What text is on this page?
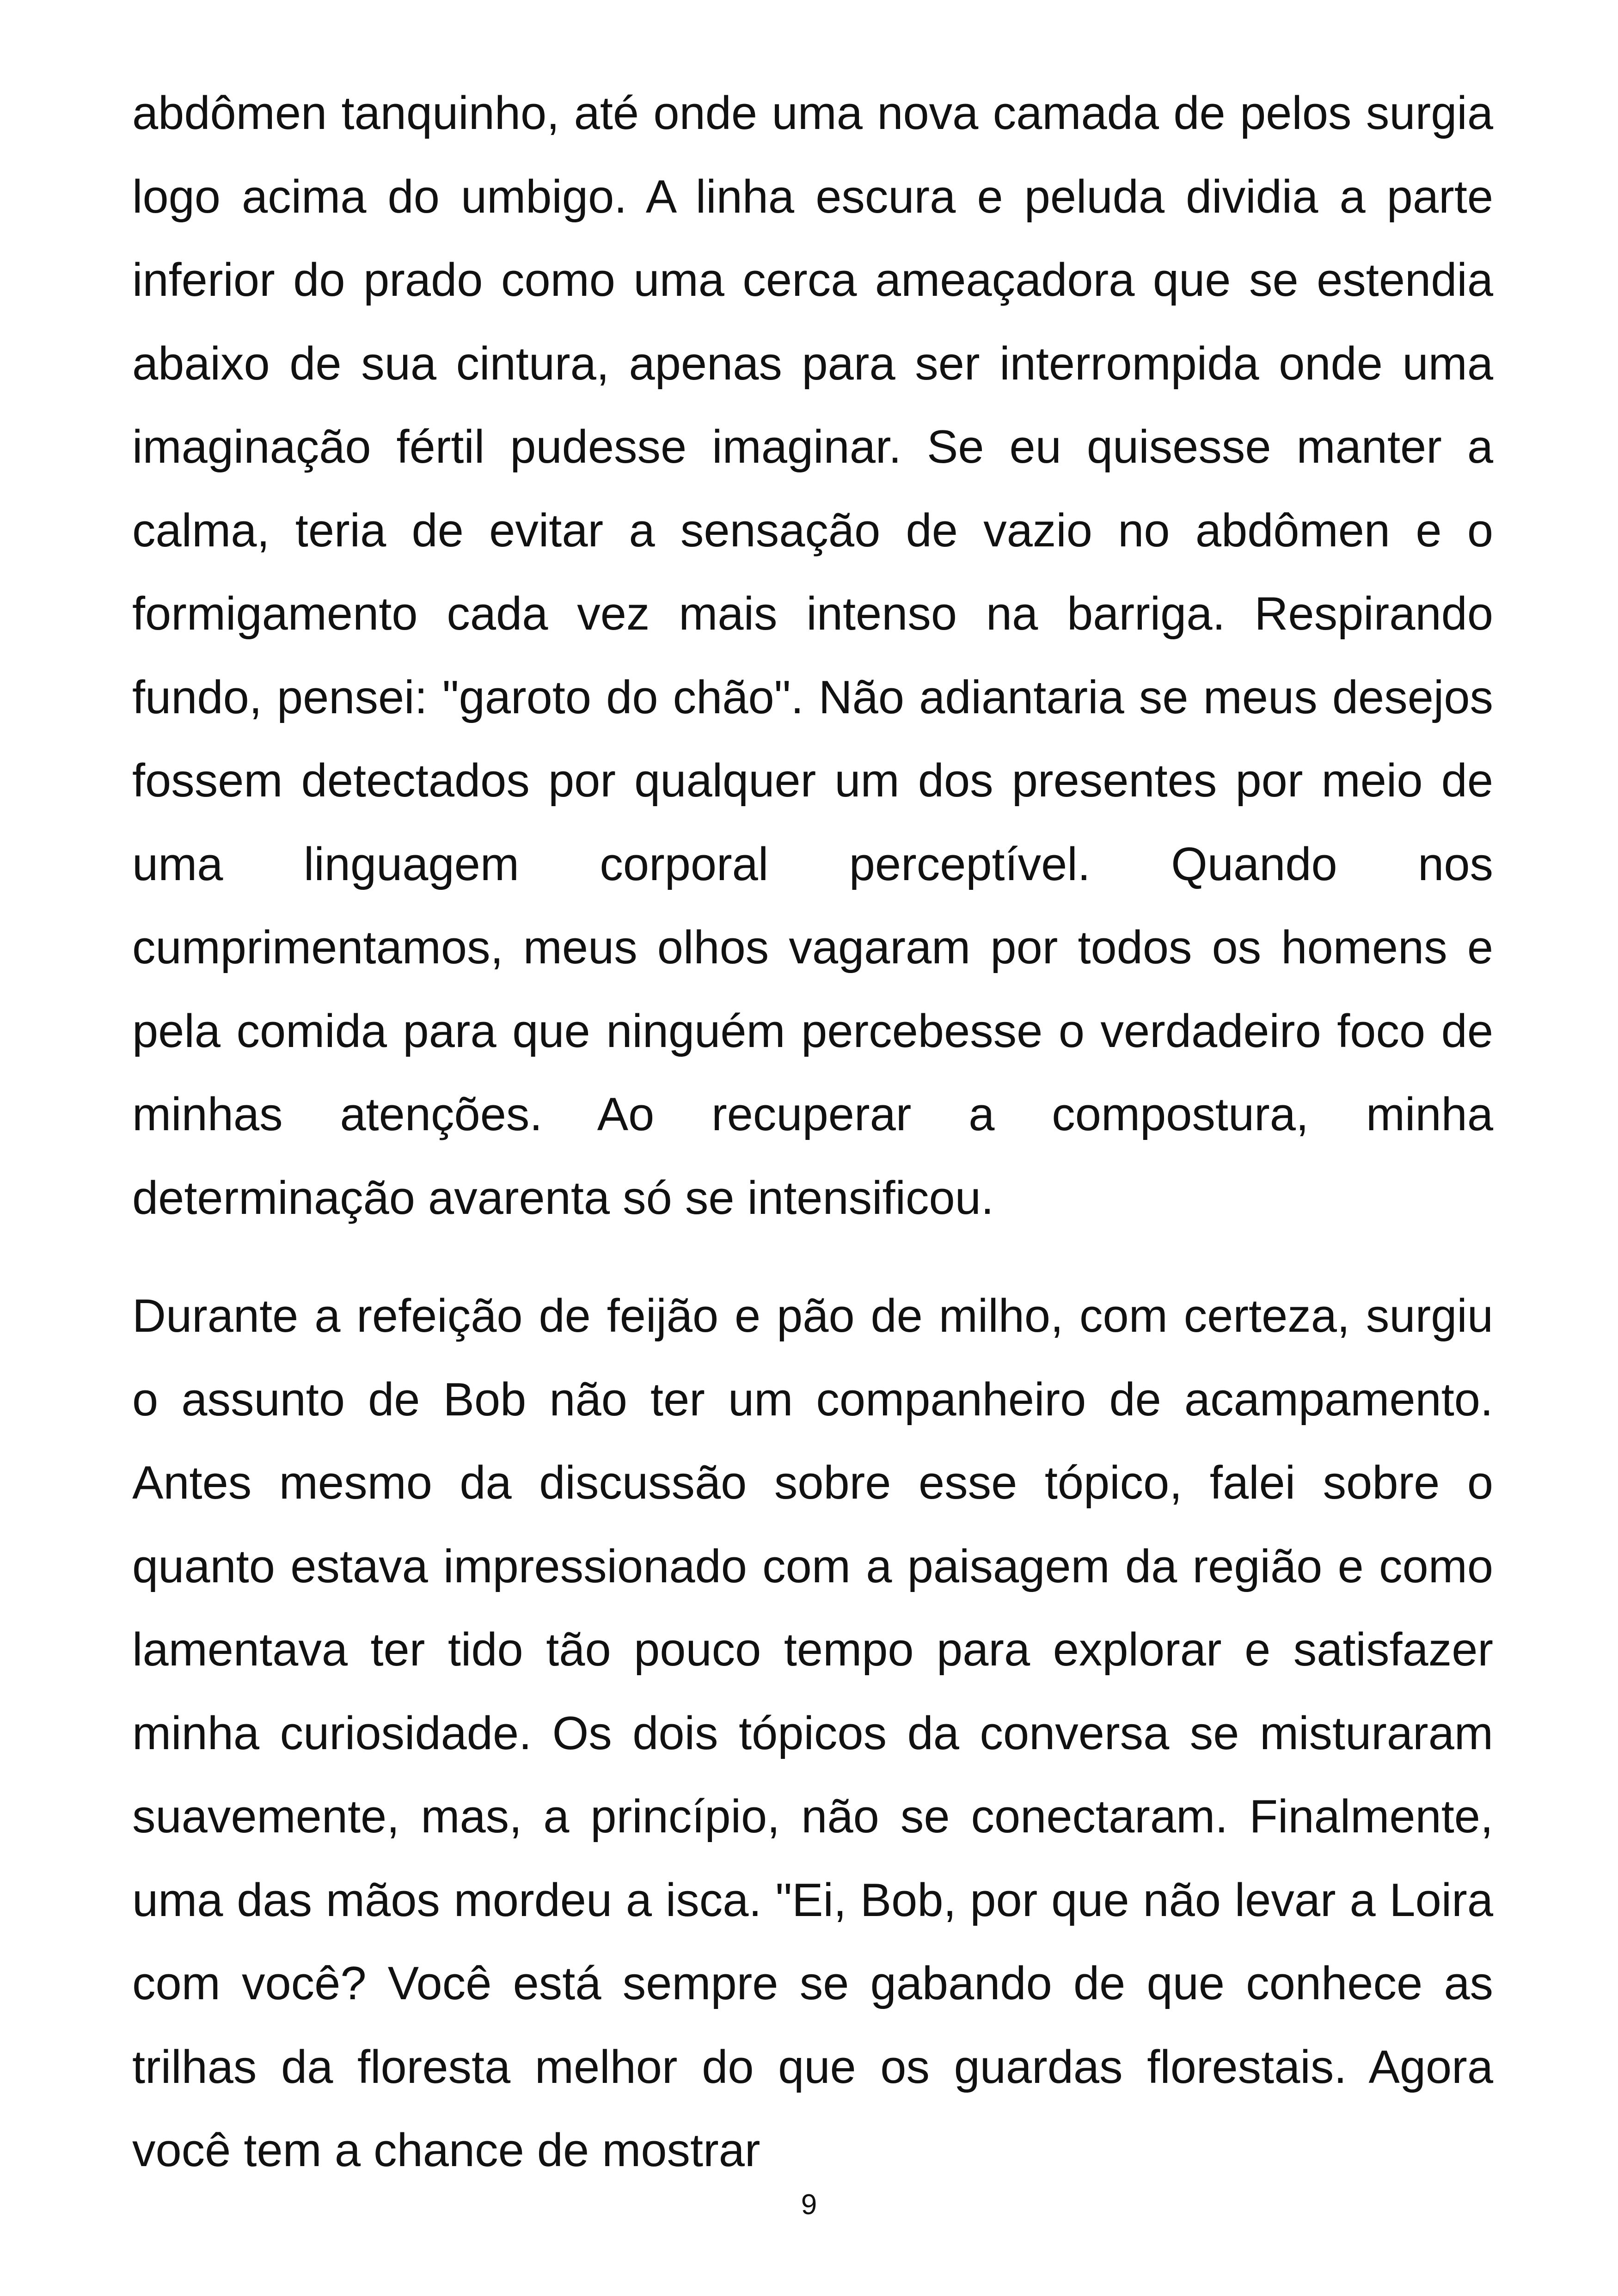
abdômen tanquinho, até onde uma nova camada de pelos surgia logo acima do umbigo. A linha escura e peluda dividia a parte inferior do prado como uma cerca ameaçadora que se estendia abaixo de sua cintura, apenas para ser interrompida onde uma imaginação fértil pudesse imaginar. Se eu quisesse manter a calma, teria de evitar a sensação de vazio no abdômen e o formigamento cada vez mais intenso na barriga. Respirando fundo, pensei: "garoto do chão". Não adiantaria se meus desejos fossem detectados por qualquer um dos presentes por meio de uma linguagem corporal perceptível. Quando nos cumprimentamos, meus olhos vagaram por todos os homens e pela comida para que ninguém percebesse o verdadeiro foco de minhas atenções. Ao recuperar a compostura, minha determinação avarenta só se intensificou.

Durante a refeição de feijão e pão de milho, com certeza, surgiu o assunto de Bob não ter um companheiro de acampamento. Antes mesmo da discussão sobre esse tópico, falei sobre o quanto estava impressionado com a paisagem da região e como lamentava ter tido tão pouco tempo para explorar e satisfazer minha curiosidade. Os dois tópicos da conversa se misturaram suavemente, mas, a princípio, não se conectaram. Finalmente, uma das mãos mordeu a isca. "Ei, Bob, por que não levar a Loira com você? Você está sempre se gabando de que conhece as trilhas da floresta melhor do que os guardas florestais. Agora você tem a chance de mostrar

9
